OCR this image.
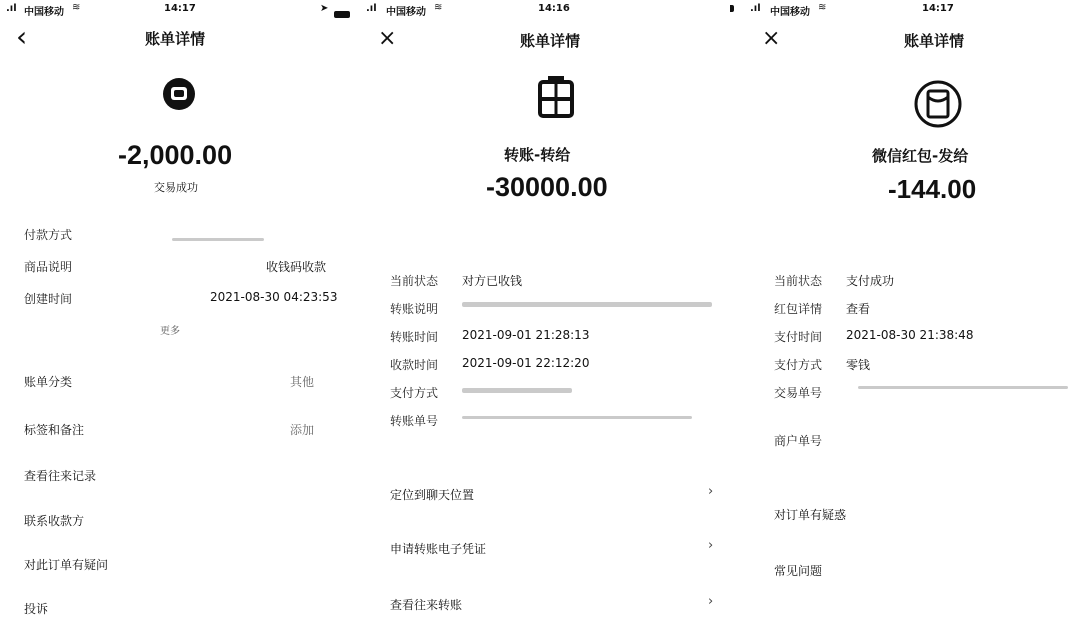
.ıl 中国移动 ≋	14:17	➤
‹	账单详情
-2,000.00
交易成功
付款方式
商品说明	收钱码收款
创建时间	2021-08-30 04:23:53
更多
账单分类	其他
标签和备注	添加
查看往来记录
联系收款方
对此订单有疑问
投诉
.ıl 中国移动 ≋	14:16
×	账单详情
转账-转给
-30000.00
当前状态 对方已收钱
转账说明
转账时间 2021-09-01 21:28:13
收款时间 2021-09-01 22:12:20
支付方式
转账单号
定位到聊天位置	›
申请转账电子凭证	›
查看往来转账	›
.ıl 中国移动 ≋	14:17
×	账单详情
微信红包-发给
-144.00
当前状态 支付成功
红包详情 查看
支付时间 2021-08-30 21:38:48
支付方式 零钱
交易单号
商户单号
对订单有疑惑
常见问题
